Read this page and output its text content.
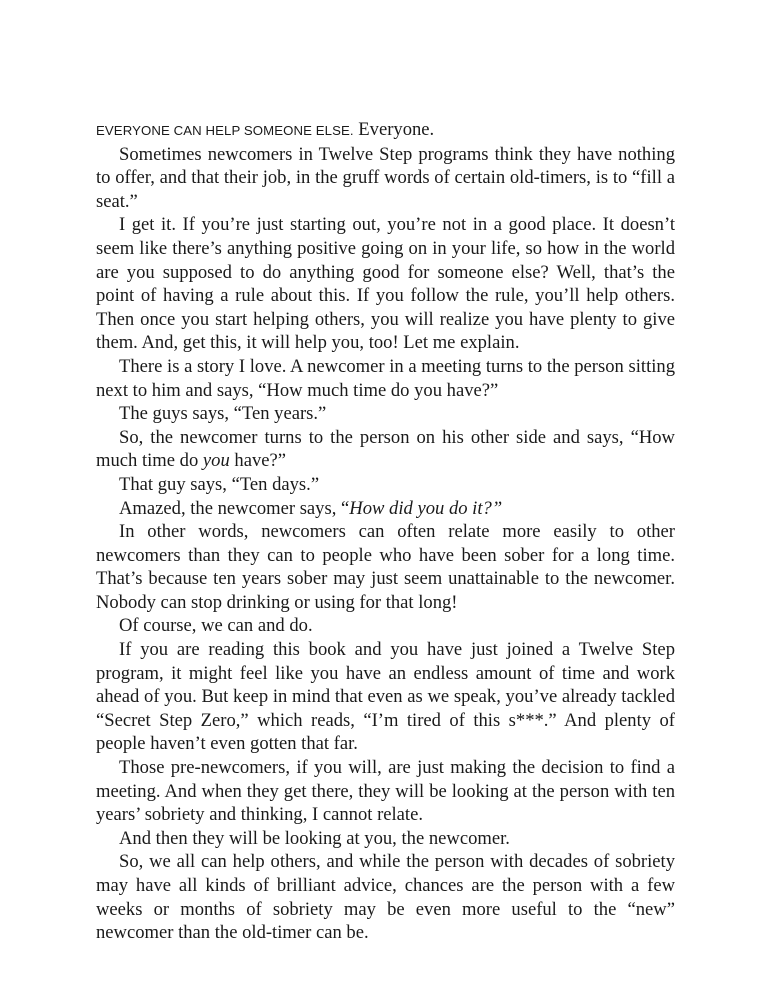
EVERYONE CAN HELP SOMEONE ELSE. Everyone.

Sometimes newcomers in Twelve Step programs think they have nothing to offer, and that their job, in the gruff words of certain old-timers, is to “fill a seat.”

I get it. If you’re just starting out, you’re not in a good place. It doesn’t seem like there’s anything positive going on in your life, so how in the world are you supposed to do anything good for someone else? Well, that’s the point of having a rule about this. If you follow the rule, you’ll help others. Then once you start helping others, you will realize you have plenty to give them. And, get this, it will help you, too! Let me explain.

There is a story I love. A newcomer in a meeting turns to the person sitting next to him and says, “How much time do you have?”

The guys says, “Ten years.”

So, the newcomer turns to the person on his other side and says, “How much time do you have?”

That guy says, “Ten days.”

Amazed, the newcomer says, “How did you do it?”

In other words, newcomers can often relate more easily to other newcomers than they can to people who have been sober for a long time. That’s because ten years sober may just seem unattainable to the newcomer. Nobody can stop drinking or using for that long!

Of course, we can and do.

If you are reading this book and you have just joined a Twelve Step program, it might feel like you have an endless amount of time and work ahead of you. But keep in mind that even as we speak, you’ve already tackled “Secret Step Zero,” which reads, “I’m tired of this s***.” And plenty of people haven’t even gotten that far.

Those pre-newcomers, if you will, are just making the decision to find a meeting. And when they get there, they will be looking at the person with ten years’ sobriety and thinking, I cannot relate.

And then they will be looking at you, the newcomer.

So, we all can help others, and while the person with decades of sobriety may have all kinds of brilliant advice, chances are the person with a few weeks or months of sobriety may be even more useful to the “new” newcomer than the old-timer can be.
